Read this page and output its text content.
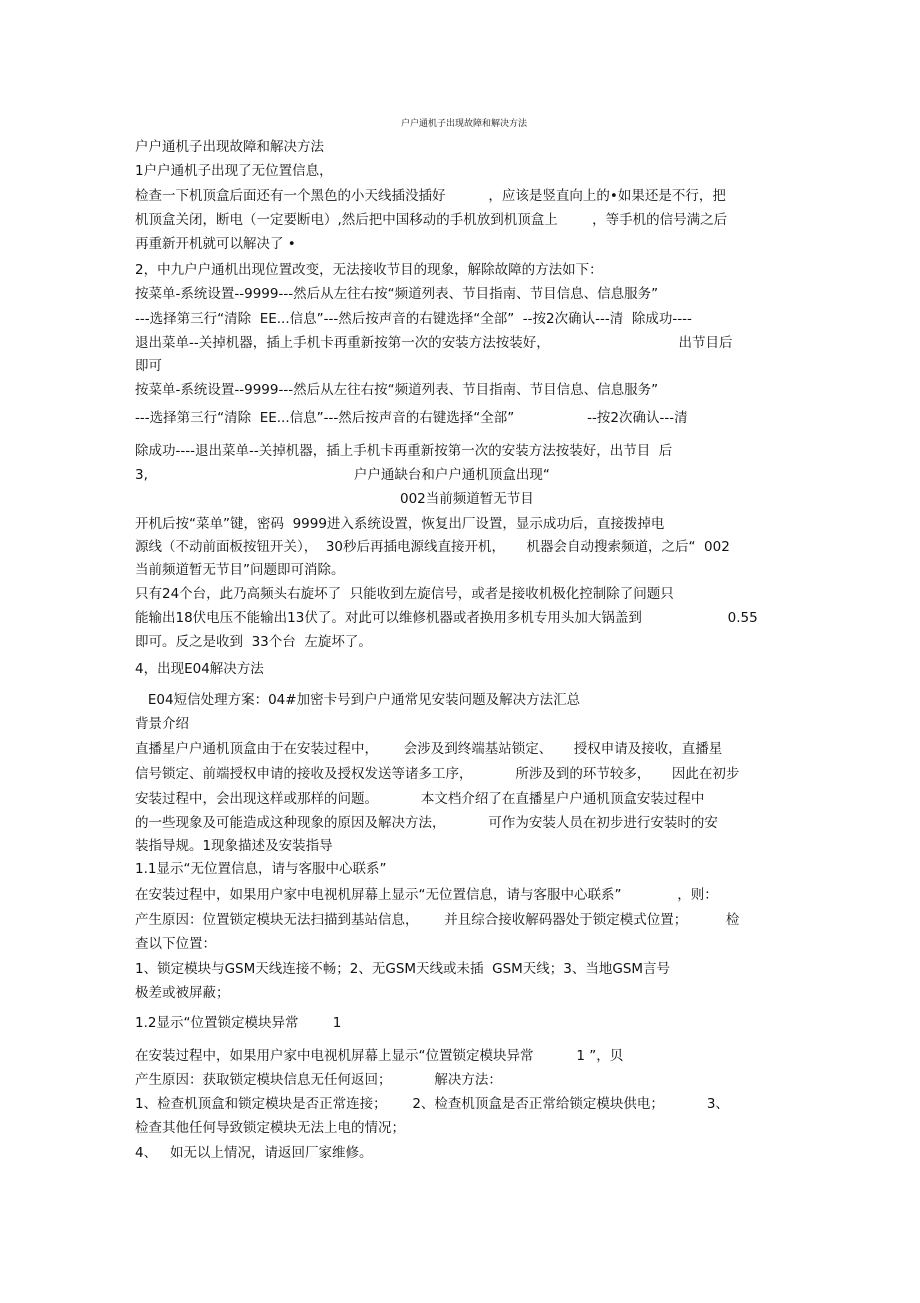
户户通机子出现故障和解决方法
户户通机子出现故障和解决方法
1户户通机子出现了无位置信息，
检查一下机顶盒后面还有一个黑色的小天线插没插好          ，应该是竖直向上的•如果还是不行，把
机顶盒关闭，断电（一定要断电）,然后把中国移动的手机放到机顶盒上        ，等手机的信号满之后
再重新开机就可以解决了 •
2，中九户户通机出现位置改变，无法接收节目的现象，解除故障的方法如下：
按菜单-系统设置--9999---然后从左往右按“频道列表、节目指南、节目信息、信息服务”
---选择第三行“清除  EE...信息”---然后按声音的右键选择“全部”  --按2次确认---清  除成功----
退出菜单--关掉机器，插上手机卡再重新按第一次的安装方法按装好，                              出节目后
即可
按菜单-系统设置--9999---然后从左往右按“频道列表、节目指南、节目信息、信息服务”
---选择第三行“清除  EE...信息”---然后按声音的右键选择“全部”                 --按2次确认---清
除成功----退出菜单--关掉机器，插上手机卡再重新按第一次的安装方法按装好，出节目  后
3,                                                户户通缺台和户户通机顶盒出现“
002当前频道暂无节目
开机后按“菜单”键，密码  9999进入系统设置，恢复出厂设置，显示成功后，直接拨掉电
源线（不动前面板按钮开关），  30秒后再插电源线直接开机，     机器会自动搜索频道，之后“  002
当前频道暂无节目”问题即可消除。
只有24个台，此乃高频头右旋坏了  只能收到左旋信号，或者是接收机极化控制除了问题只
能输出18伏电压不能输出13伏了。对此可以维修机器或者换用多机专用头加大锅盖到                    0.55
即可。反之是收到  33个台  左旋坏了。
4，出现E04解决方法
E04短信处理方案：04#加密卡号到户户通常见安装问题及解决方法汇总
背景介绍
直播星户户通机顶盒由于在安装过程中，      会涉及到终端基站锁定、     授权申请及接收，直播星
信号锁定、前端授权申请的接收及授权发送等诸多工序，          所涉及到的环节较多，     因此在初步
安装过程中，会出现这样或那样的问题。          本文档介绍了在直播星户户通机顶盒安装过程中
的一些现象及可能造成这种现象的原因及解决方法，          可作为安装人员在初步进行安装时的安
装指导规。1现象描述及安装指导
1.1显示“无位置信息，请与客服中心联系”
在安装过程中，如果用户家中电视机屏幕上显示“无位置信息，请与客服中心联系”             ，则：
产生原因：位置锁定模块无法扫描到基站信息，      并且综合接收解码器处于锁定模式位置；         检
查以下位置：
1、锁定模块与GSM天线连接不畅；2、无GSM天线或未插  GSM天线；3、当地GSM言号
极差或被屏蔽；
1.2显示“位置锁定模块异常        1
在安装过程中，如果用户家中电视机屏幕上显示“位置锁定模块异常          1 ”，贝
产生原因：获取锁定模块信息无任何返回；          解决方法：
1、检查机顶盒和锁定模块是否正常连接；      2、检查机顶盒是否正常给锁定模块供电；          3、
检查其他任何导致锁定模块无法上电的情况；
4、   如无以上情况，请返回厂家维修。
